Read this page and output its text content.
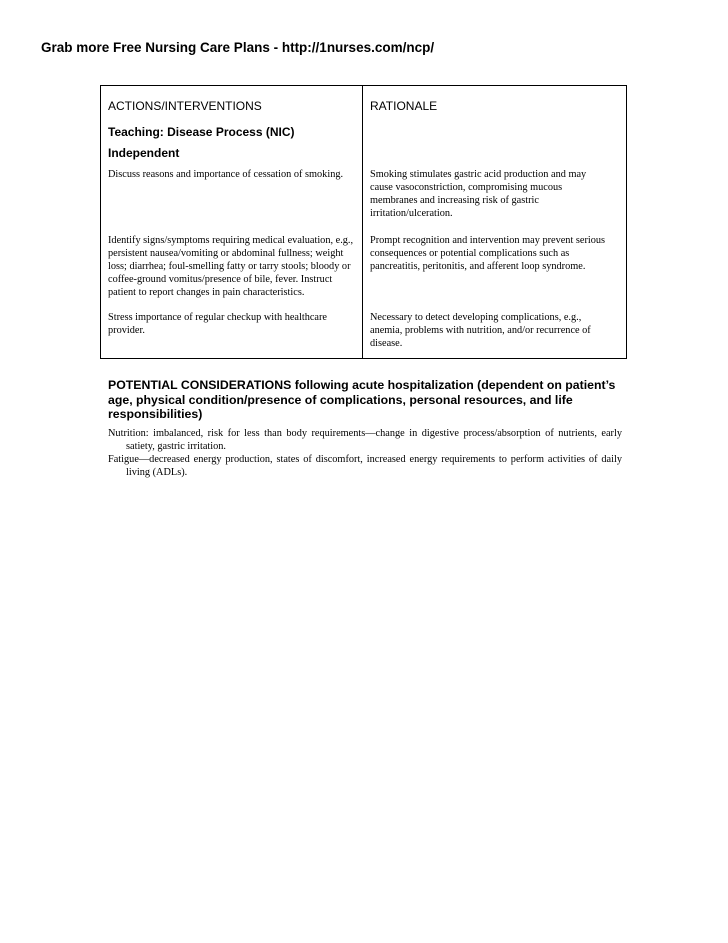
Grab more Free Nursing Care Plans - http://1nurses.com/ncp/
ACTIONS/INTERVENTIONS	RATIONALE
Teaching: Disease Process (NIC)
Independent
Discuss reasons and importance of cessation of smoking.	Smoking stimulates gastric acid production and may cause vasoconstriction, compromising mucous membranes and increasing risk of gastric irritation/ulceration.
Identify signs/symptoms requiring medical evaluation, e.g., persistent nausea/vomiting or abdominal fullness; weight loss; diarrhea; foul-smelling fatty or tarry stools; bloody or coffee-ground vomitus/presence of bile, fever. Instruct patient to report changes in pain characteristics.
Prompt recognition and intervention may prevent serious consequences or potential complications such as pancreatitis, peritonitis, and afferent loop syndrome.
Stress importance of regular checkup with healthcare provider.
Necessary to detect developing complications, e.g., anemia, problems with nutrition, and/or recurrence of disease.
POTENTIAL CONSIDERATIONS following acute hospitalization (dependent on patient’s age, physical condition/presence of complications, personal resources, and life responsibilities)

Nutrition: imbalanced, risk for less than body requirements—change in digestive process/absorption of nutrients, early satiety, gastric irritation.

Fatigue—decreased energy production, states of discomfort, increased energy requirements to perform activities of daily living (ADLs).
